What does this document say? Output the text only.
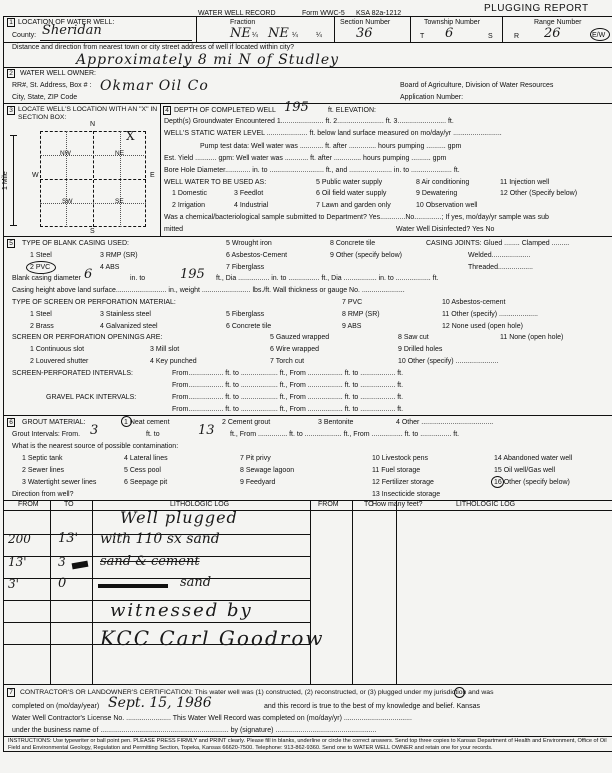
WATER WELL RECORD	Form WWC-5 KSA 82a-1212	PLUGGING REPORT
1 LOCATION OF WATER WELL:
County: Sheridan
Fraction
NE ¼ NE ¼	¼
Section Number
36
Township Number
T 6	S
Range Number
R 26	E/W
Distance and direction from nearest town or city street address of well if located within city?
Approximately 8 mi N of Studley
2	WATER WELL OWNER:
RR#, St. Address, Box # : Okmar Oil Co
City, State, ZIP Code
Board of Agriculture, Division of Water Resources
Application Number:
3 LOCATE WELL'S LOCATION WITH AN "X" IN SECTION BOX:
N
S
W	E
1 Mile
NW	NE
SW	SE
X
4 DEPTH OF COMPLETED WELL 195	ft. ELEVATION:
Depth(s) Groundwater Encountered 1...................... ft. 2........................ ft. 3......................... ft.
WELL'S STATIC WATER LEVEL ..................... ft. below land surface measured on mo/day/yr .........................
Pump test data: Well water was ............ ft. after .............. hours pumping .......... gpm
Est. Yield ........... gpm: Well water was ............ ft. after .............. hours pumping .......... gpm
Bore Hole Diameter............. in. to ............................ ft., and ...................... in. to ..................... ft.
WELL WATER TO BE USED AS:	5 Public water supply	8 Air conditioning	11 Injection well
1 Domestic	3 Feedlot	6 Oil field water supply	9 Dewatering	12 Other (Specify below)
2 Irrigation	4 Industrial	7 Lawn and garden only	10 Observation well
Was a chemical/bacteriological sample submitted to Department? Yes.............No..............; If yes, mo/day/yr sample was sub
mitted	Water Well Disinfected? Yes No
5	TYPE OF BLANK CASING USED:	5 Wrought iron	8 Concrete tile	CASING JOINTS: Glued ........ Clamped .........
1 Steel	3 RMP (SR)	6 Asbestos-Cement	9 Other (specify below)	Welded....................
2 PVC	4 ABS	7 Fiberglass	Threaded..................
Blank casing diameter 6	in. to	195 ft., Dia ................ in. to ................ ft., Dia ................. in. to .................. ft.
Casing height above land surface.......................... in., weight ......................... lbs./ft. Wall thickness or gauge No. ......................
TYPE OF SCREEN OR PERFORATION MATERIAL:	7 PVC	10 Asbestos-cement
1 Steel	3 Stainless steel	5 Fiberglass	8 RMP (SR)	11 Other (specify) ....................
2 Brass	4 Galvanized steel	6 Concrete tile	9 ABS	12 None used (open hole)
SCREEN OR PERFORATION OPENINGS ARE:	5 Gauzed wrapped	8 Saw cut	11 None (open hole)
1 Continuous slot	3 Mill slot	6 Wire wrapped	9 Drilled holes
2 Louvered shutter	4 Key punched	7 Torch cut	10 Other (specify) ......................
SCREEN-PERFORATED INTERVALS:	From.................. ft. to ................... ft., From .................. ft. to .................. ft.
From.................. ft. to ................... ft., From .................. ft. to .................. ft.
GRAVEL PACK INTERVALS:	From.................. ft. to ................... ft., From .................. ft. to .................. ft.
From.................. ft. to ................... ft., From .................. ft. to .................. ft.
6	GROUT MATERIAL:	1 Neat cement	2 Cement grout	3 Bentonite	4 Other .....................................
Grout Intervals: From. 3	ft. to	13 ft., From ............... ft. to ................... ft., From ................ ft. to ................ ft.
What is the nearest source of possible contamination:
1 Septic tank	4 Lateral lines	7 Pit privy	10 Livestock pens	14 Abandoned water well
2 Sewer lines	5 Cess pool	8 Sewage lagoon	11 Fuel storage	15 Oil well/Gas well
3 Watertight sewer lines	6 Seepage pit	9 Feedyard	12 Fertilizer storage	16 Other (specify below)
13 Insecticide storage
Direction from well?
How many feet?
FROM	TO	LITHOLOGIC LOG	FROM	TO	LITHOLOGIC LOG
Well plugged
200 13' with 110 sx sand
13'	3	sand & cement
3'	0	sand
witnessed by
KCC Carl Goodrow
7	CONTRACTOR'S OR LANDOWNER'S CERTIFICATION: This water well was (1) constructed, (2) reconstructed, or (3) plugged under my jurisdiction and was
completed on (mo/day/year) Sept. 15, 1986	and this record is true to the best of my knowledge and belief. Kansas
Water Well Contractor's License No. ....................... This Water Well Record was completed on (mo/day/yr) ...................................
under the business name of .................................................................. by (signature) ....................................................
INSTRUCTIONS: Use typewriter or ball point pen. PLEASE PRESS FIRMLY and PRINT clearly. Please fill in blanks, underline or circle the correct answers. Send top three copies to Kansas Department of Health and Environment, Office of Oil Field and Environmental Geology, Regulation and Permitting Section, Topeka, Kansas 66620-7500. Telephone: 913-862-9360. Send one to WATER WELL OWNER and retain one for your records.
